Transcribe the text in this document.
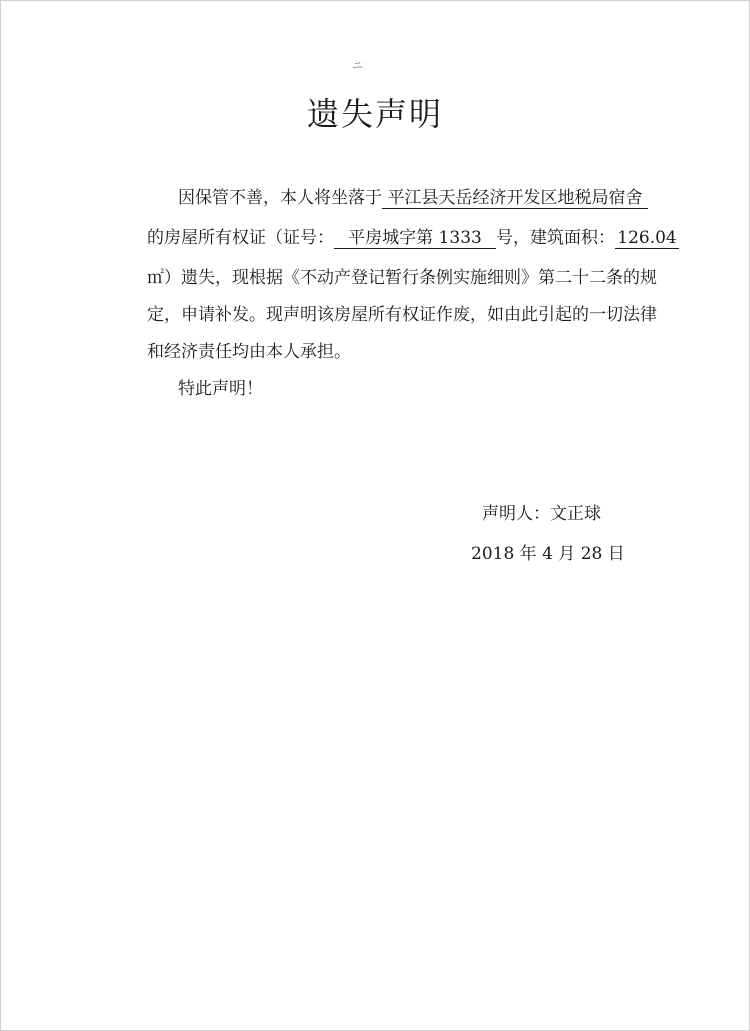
ニ
遗失声明
因保管不善，本人将坐落于 平江县天岳经济开发区地税局宿舍
的房屋所有权证（证号： 平房城字第 1333 号，建筑面积： 126.04
㎡）遗失，现根据《不动产登记暂行条例实施细则》第二十二条的规
定，申请补发。现声明该房屋所有权证作废，如由此引起的一切法律
和经济责任均由本人承担。
特此声明！
声明人：文正球
2018 年 4 月 28 日
